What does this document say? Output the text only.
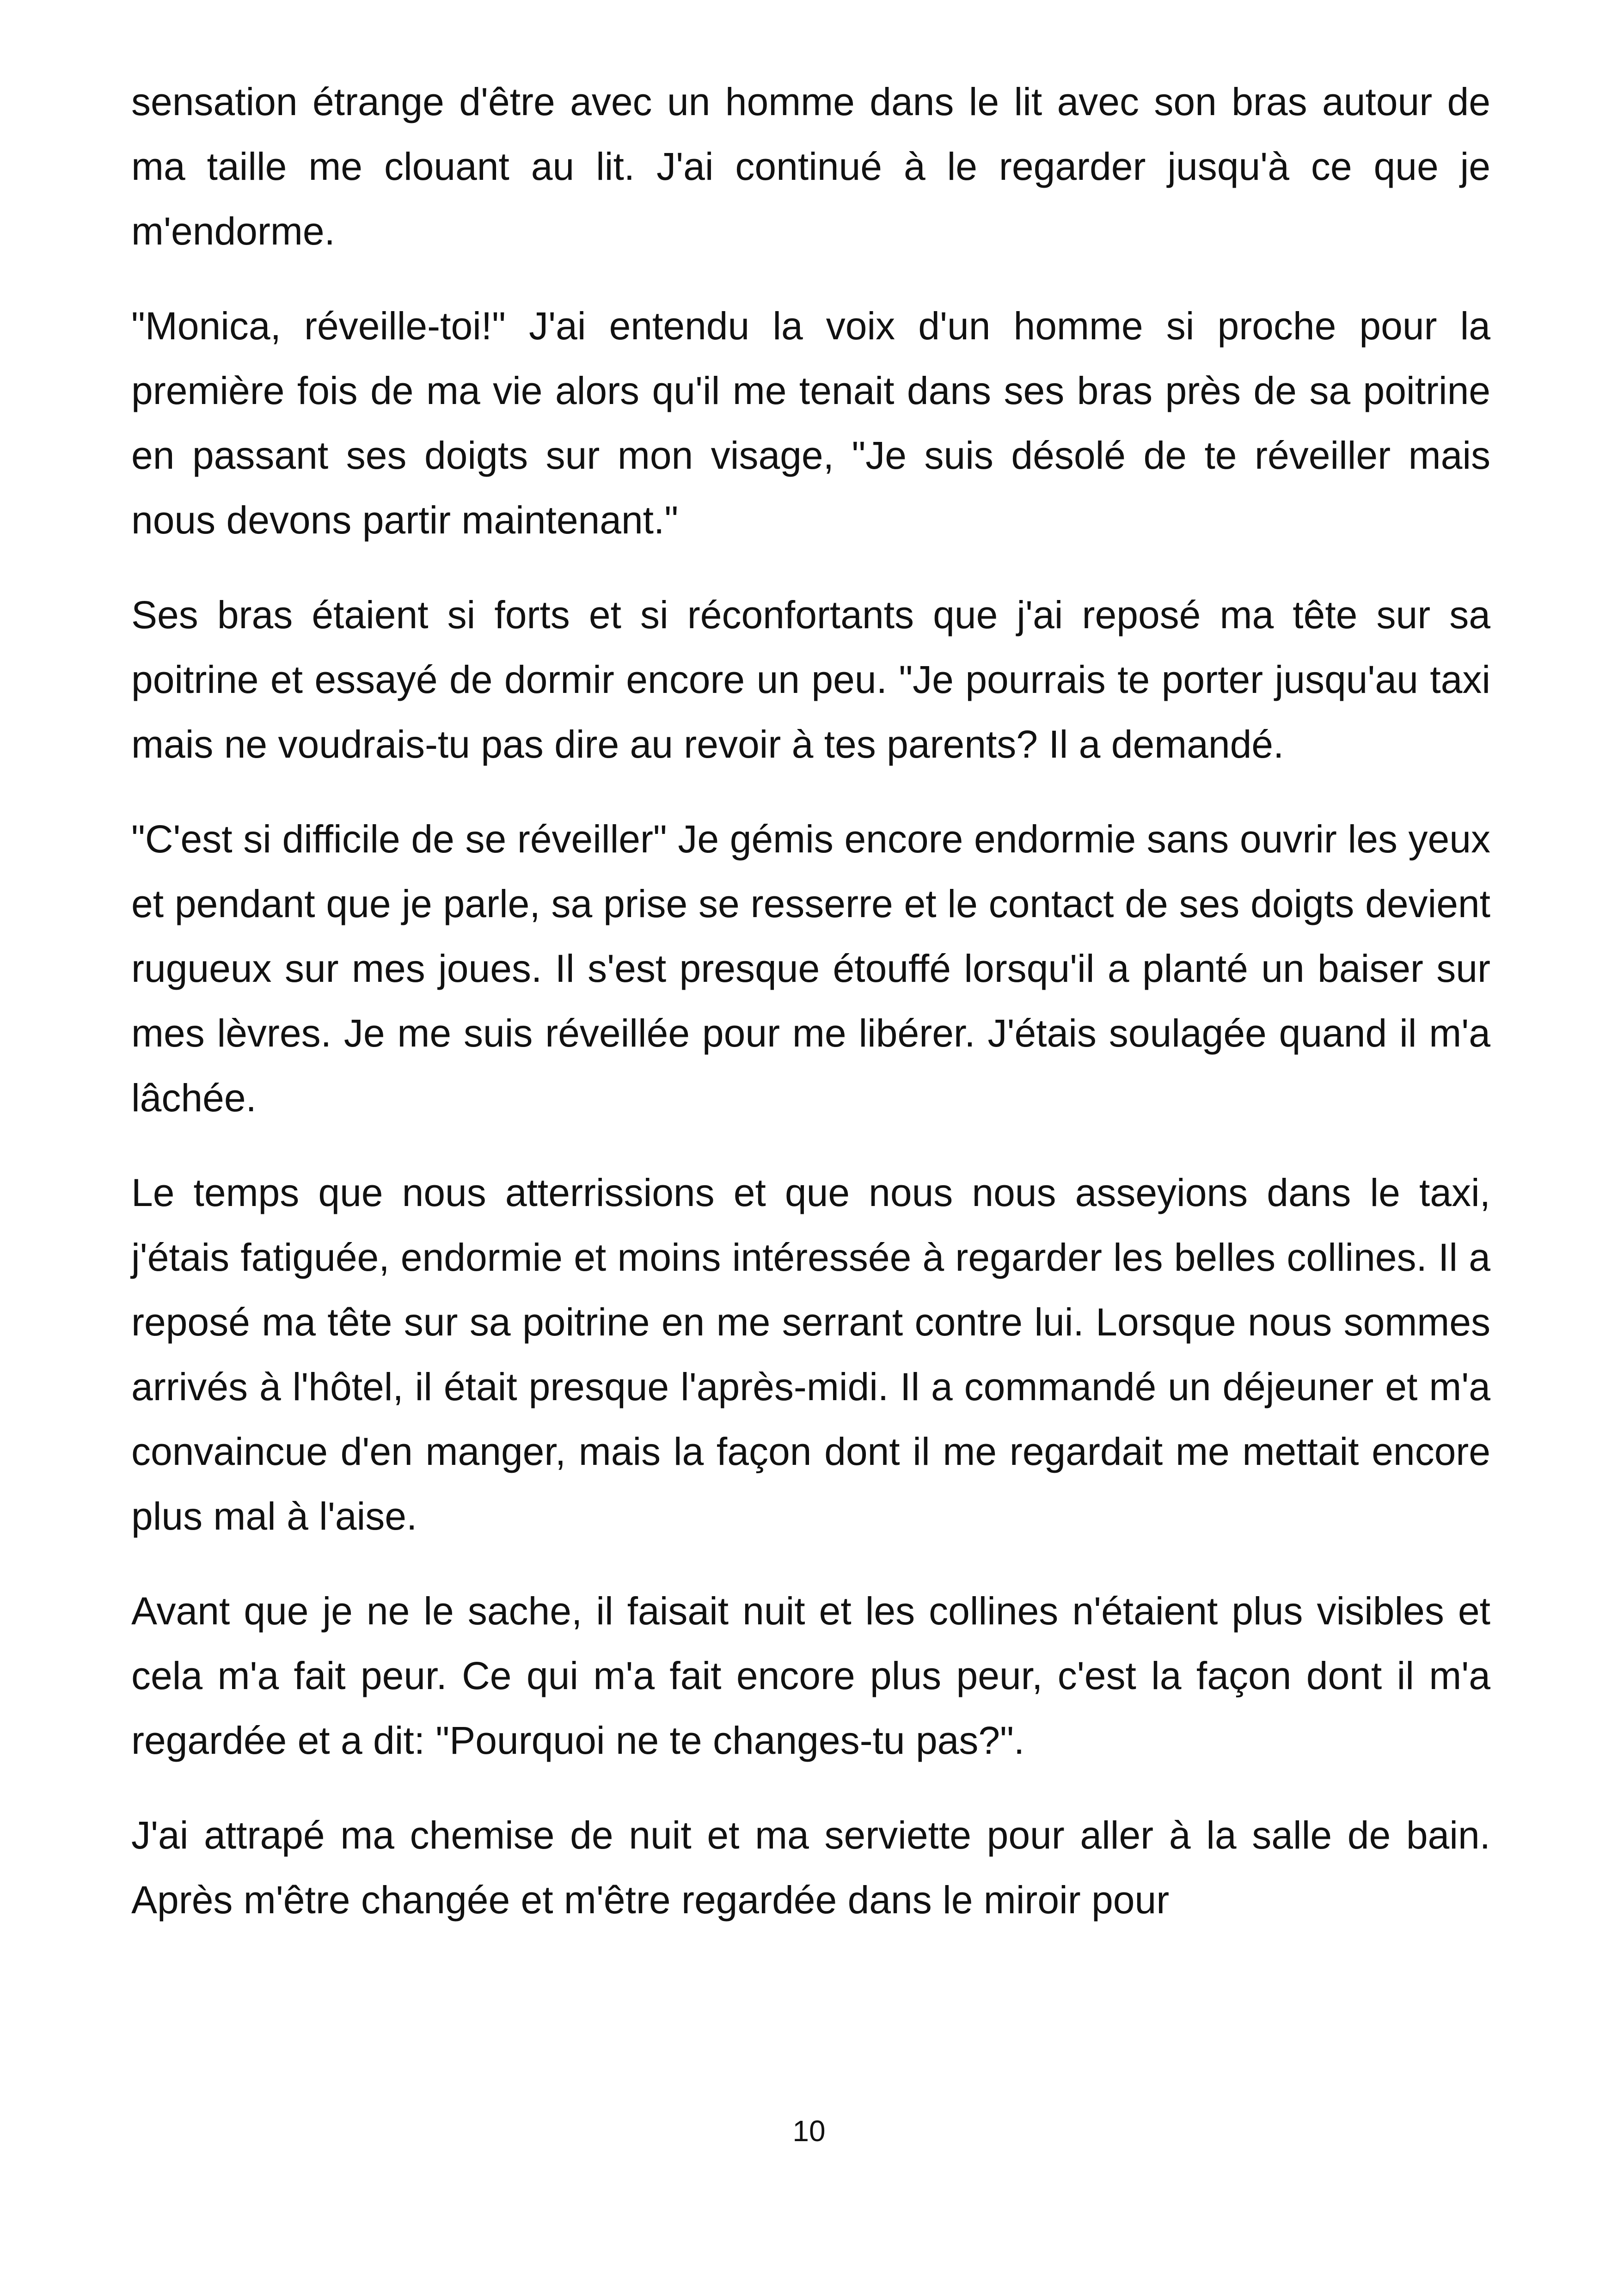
sensation étrange d'être avec un homme dans le lit avec son bras autour de ma taille me clouant au lit. J'ai continué à le regarder jusqu'à ce que je m'endorme.

"Monica, réveille-toi!" J'ai entendu la voix d'un homme si proche pour la première fois de ma vie alors qu'il me tenait dans ses bras près de sa poitrine en passant ses doigts sur mon visage, "Je suis désolé de te réveiller mais nous devons partir maintenant."

Ses bras étaient si forts et si réconfortants que j'ai reposé ma tête sur sa poitrine et essayé de dormir encore un peu. "Je pourrais te porter jusqu'au taxi mais ne voudrais-tu pas dire au revoir à tes parents? Il a demandé.

"C'est si difficile de se réveiller" Je gémis encore endormie sans ouvrir les yeux et pendant que je parle, sa prise se resserre et le contact de ses doigts devient rugueux sur mes joues. Il s'est presque étouffé lorsqu'il a planté un baiser sur mes lèvres. Je me suis réveillée pour me libérer. J'étais soulagée quand il m'a lâchée.

Le temps que nous atterrissions et que nous nous asseyions dans le taxi, j'étais fatiguée, endormie et moins intéressée à regarder les belles collines. Il a reposé ma tête sur sa poitrine en me serrant contre lui. Lorsque nous sommes arrivés à l'hôtel, il était presque l'après-midi. Il a commandé un déjeuner et m'a convaincue d'en manger, mais la façon dont il me regardait me mettait encore plus mal à l'aise.

Avant que je ne le sache, il faisait nuit et les collines n'étaient plus visibles et cela m'a fait peur. Ce qui m'a fait encore plus peur, c'est la façon dont il m'a regardée et a dit: "Pourquoi ne te changes-tu pas?".

J'ai attrapé ma chemise de nuit et ma serviette pour aller à la salle de bain. Après m'être changée et m'être regardée dans le miroir pour

10
